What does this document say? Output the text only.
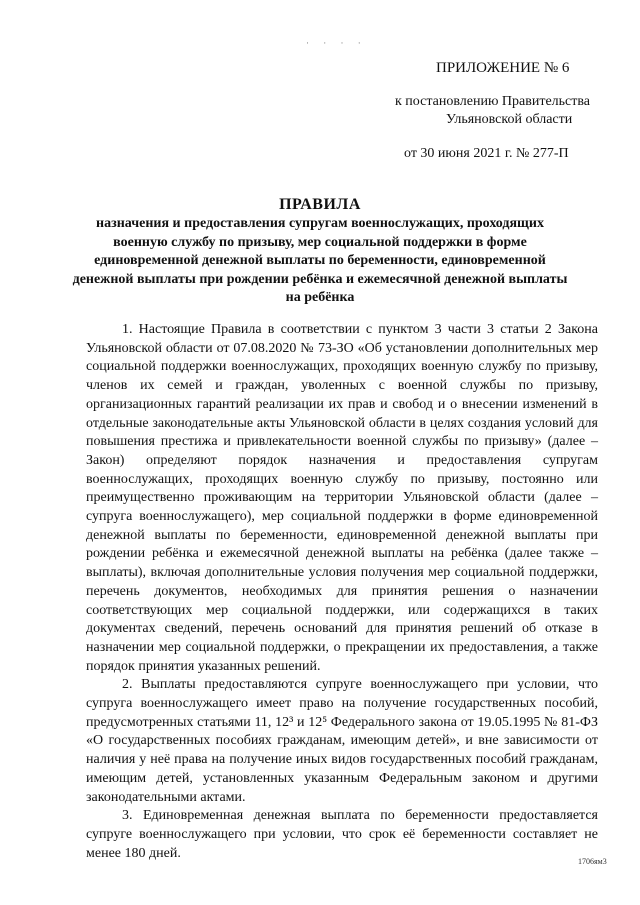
· · · ·
ПРИЛОЖЕНИЕ № 6
к постановлению Правительства
Ульяновской области
от 30 июня 2021 г. № 277-П
ПРАВИЛА
назначения и предоставления супругам военнослужащих, проходящих военную службу по призыву, мер социальной поддержки в форме единовременной денежной выплаты по беременности, единовременной денежной выплаты при рождении ребёнка и ежемесячной денежной выплаты на ребёнка

1. Настоящие Правила в соответствии с пунктом 3 части 3 статьи 2 Закона Ульяновской области от 07.08.2020 № 73-ЗО «Об установлении дополнительных мер социальной поддержки военнослужащих, проходящих военную службу по призыву, членов их семей и граждан, уволенных с военной службы по призыву, организационных гарантий реализации их прав и свобод и о внесении изменений в отдельные законодательные акты Ульяновской области в целях создания условий для повышения престижа и привлекательности военной службы по призыву» (далее – Закон) определяют порядок назначения и предоставления супругам военнослужащих, проходящих военную службу по призыву, постоянно или преимущественно проживающим на территории Ульяновской области (далее – супруга военнослужащего), мер социальной поддержки в форме единовременной денежной выплаты по беременности, единовременной денежной выплаты при рождении ребёнка и ежемесячной денежной выплаты на ребёнка (далее также – выплаты), включая дополнительные условия получения мер социальной поддержки, перечень документов, необходимых для принятия решения о назначении соответствующих мер социальной поддержки, или содержащихся в таких документах сведений, перечень оснований для принятия решений об отказе в назначении мер социальной поддержки, о прекращении их предоставления, а также порядок принятия указанных решений.

2. Выплаты предоставляются супруге военнослужащего при условии, что супруга военнослужащего имеет право на получение государственных пособий, предусмотренных статьями 11, 12³ и 12⁵ Федерального закона от 19.05.1995 № 81-ФЗ «О государственных пособиях гражданам, имеющим детей», и вне зависимости от наличия у неё права на получение иных видов государственных пособий гражданам, имеющим детей, установленных указанным Федеральным законом и другими законодательными актами.

3. Единовременная денежная выплата по беременности предоставляется супруге военнослужащего при условии, что срок её беременности составляет не менее 180 дней.

1706ям3
